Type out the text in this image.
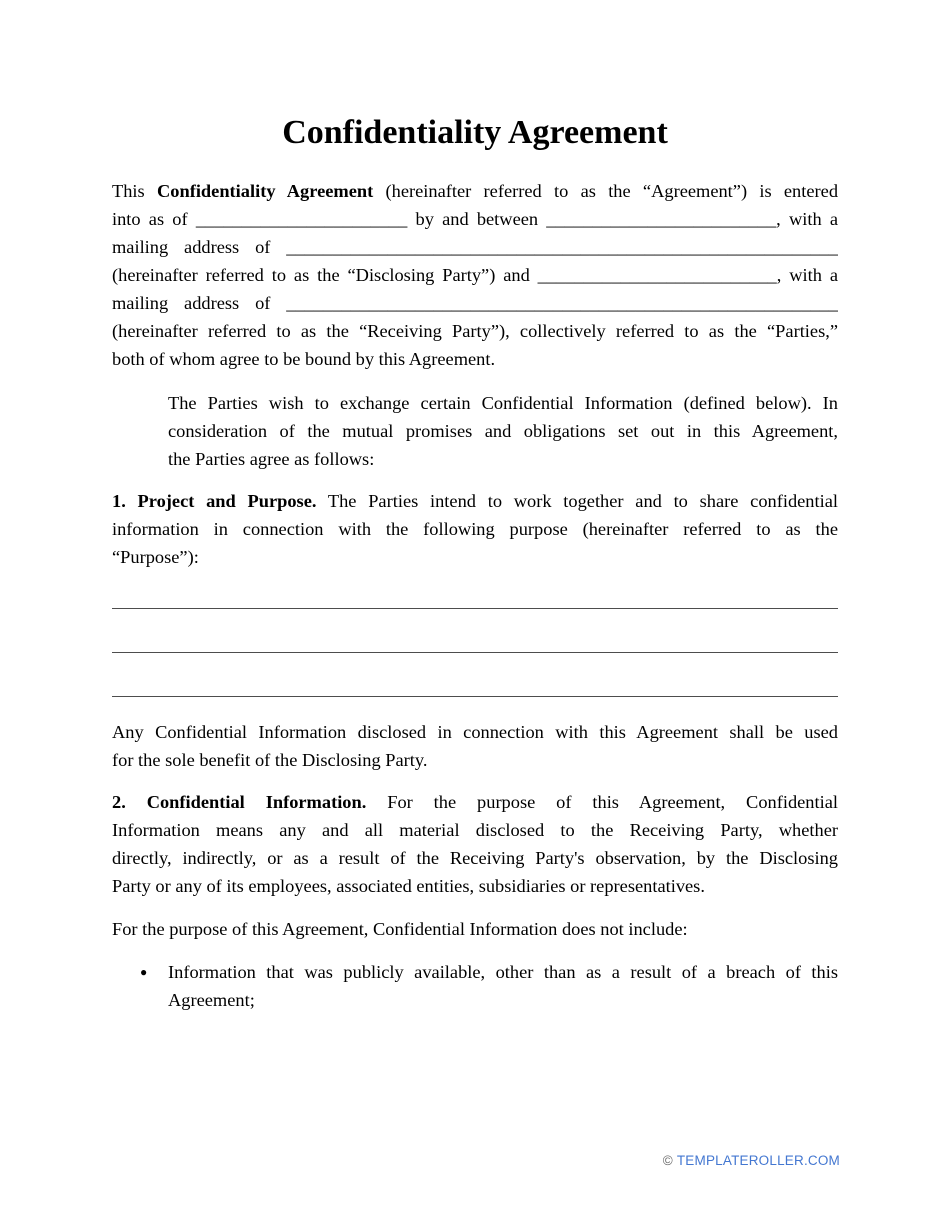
Confidentiality Agreement
This Confidentiality Agreement (hereinafter referred to as the “Agreement”) is entered
into as of _______________________ by and between _________________________, with a
mailing address of ____________________________________________________________
(hereinafter referred to as the “Disclosing Party”) and __________________________, with a
mailing address of ____________________________________________________________
(hereinafter referred to as the “Receiving Party”), collectively referred to as the “Parties,”
both of whom agree to be bound by this Agreement.
The Parties wish to exchange certain Confidential Information (defined below). In
consideration of the mutual promises and obligations set out in this Agreement,
the Parties agree as follows:
1. Project and Purpose. The Parties intend to work together and to share confidential
information in connection with the following purpose (hereinafter referred to as the
“Purpose”):
Any Confidential Information disclosed in connection with this Agreement shall be used
for the sole benefit of the Disclosing Party.
2. Confidential Information. For the purpose of this Agreement, Confidential
Information means any and all material disclosed to the Receiving Party, whether
directly, indirectly, or as a result of the Receiving Party's observation, by the Disclosing
Party or any of its employees, associated entities, subsidiaries or representatives.
For the purpose of this Agreement, Confidential Information does not include:
●	Information that was publicly available, other than as a result of a breach of this
Agreement;
© TEMPLATEROLLER.COM
